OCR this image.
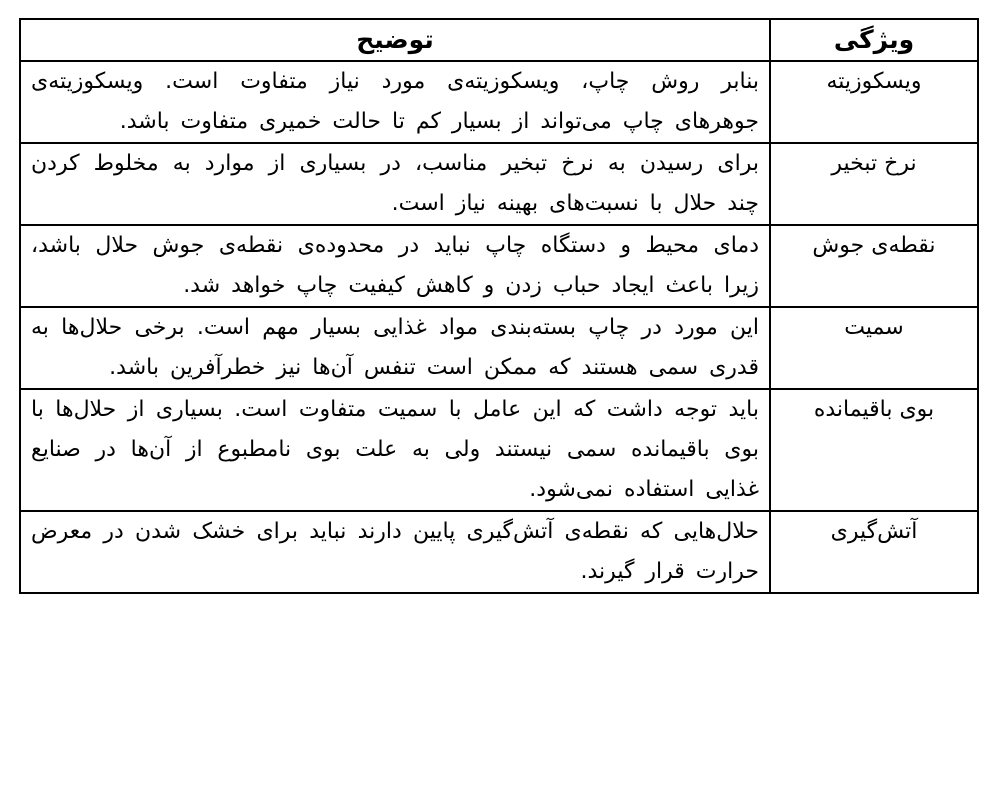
ویژگی	توضیح
ویسکوزیته	بنابر روش چاپ، ویسکوزیته‌ی مورد نیاز متفاوت است. ویسکوزیته‌ی جوهرهای چاپ می‌تواند از بسیار کم تا حالت خمیری متفاوت باشد.
نرخ تبخیر	برای رسیدن به نرخ تبخیر مناسب، در بسیاری از موارد به مخلوط کردن چند حلال با نسبت‌های بهینه نیاز است.
نقطه‌ی جوش	دمای محیط و دستگاه چاپ نباید در محدوده‌ی نقطه‌ی جوش حلال باشد، زیرا باعث ایجاد حباب زدن و کاهش کیفیت چاپ خواهد شد.
سمیت	این مورد در چاپ بسته‌بندی مواد غذایی بسیار مهم است. برخی حلال‌ها به قدری سمی هستند که ممکن است تنفس آن‌ها نیز خطرآفرین باشد.
بوی باقیمانده	باید توجه داشت که این عامل با سمیت متفاوت است. بسیاری از حلال‌ها با بوی باقیمانده سمی نیستند ولی به علت بوی نامطبوع از آن‌ها در صنایع غذایی استفاده نمی‌شود.
آتش‌گیری	حلال‌هایی که نقطه‌ی آتش‌گیری پایین دارند نباید برای خشک شدن در معرض حرارت قرار گیرند.
